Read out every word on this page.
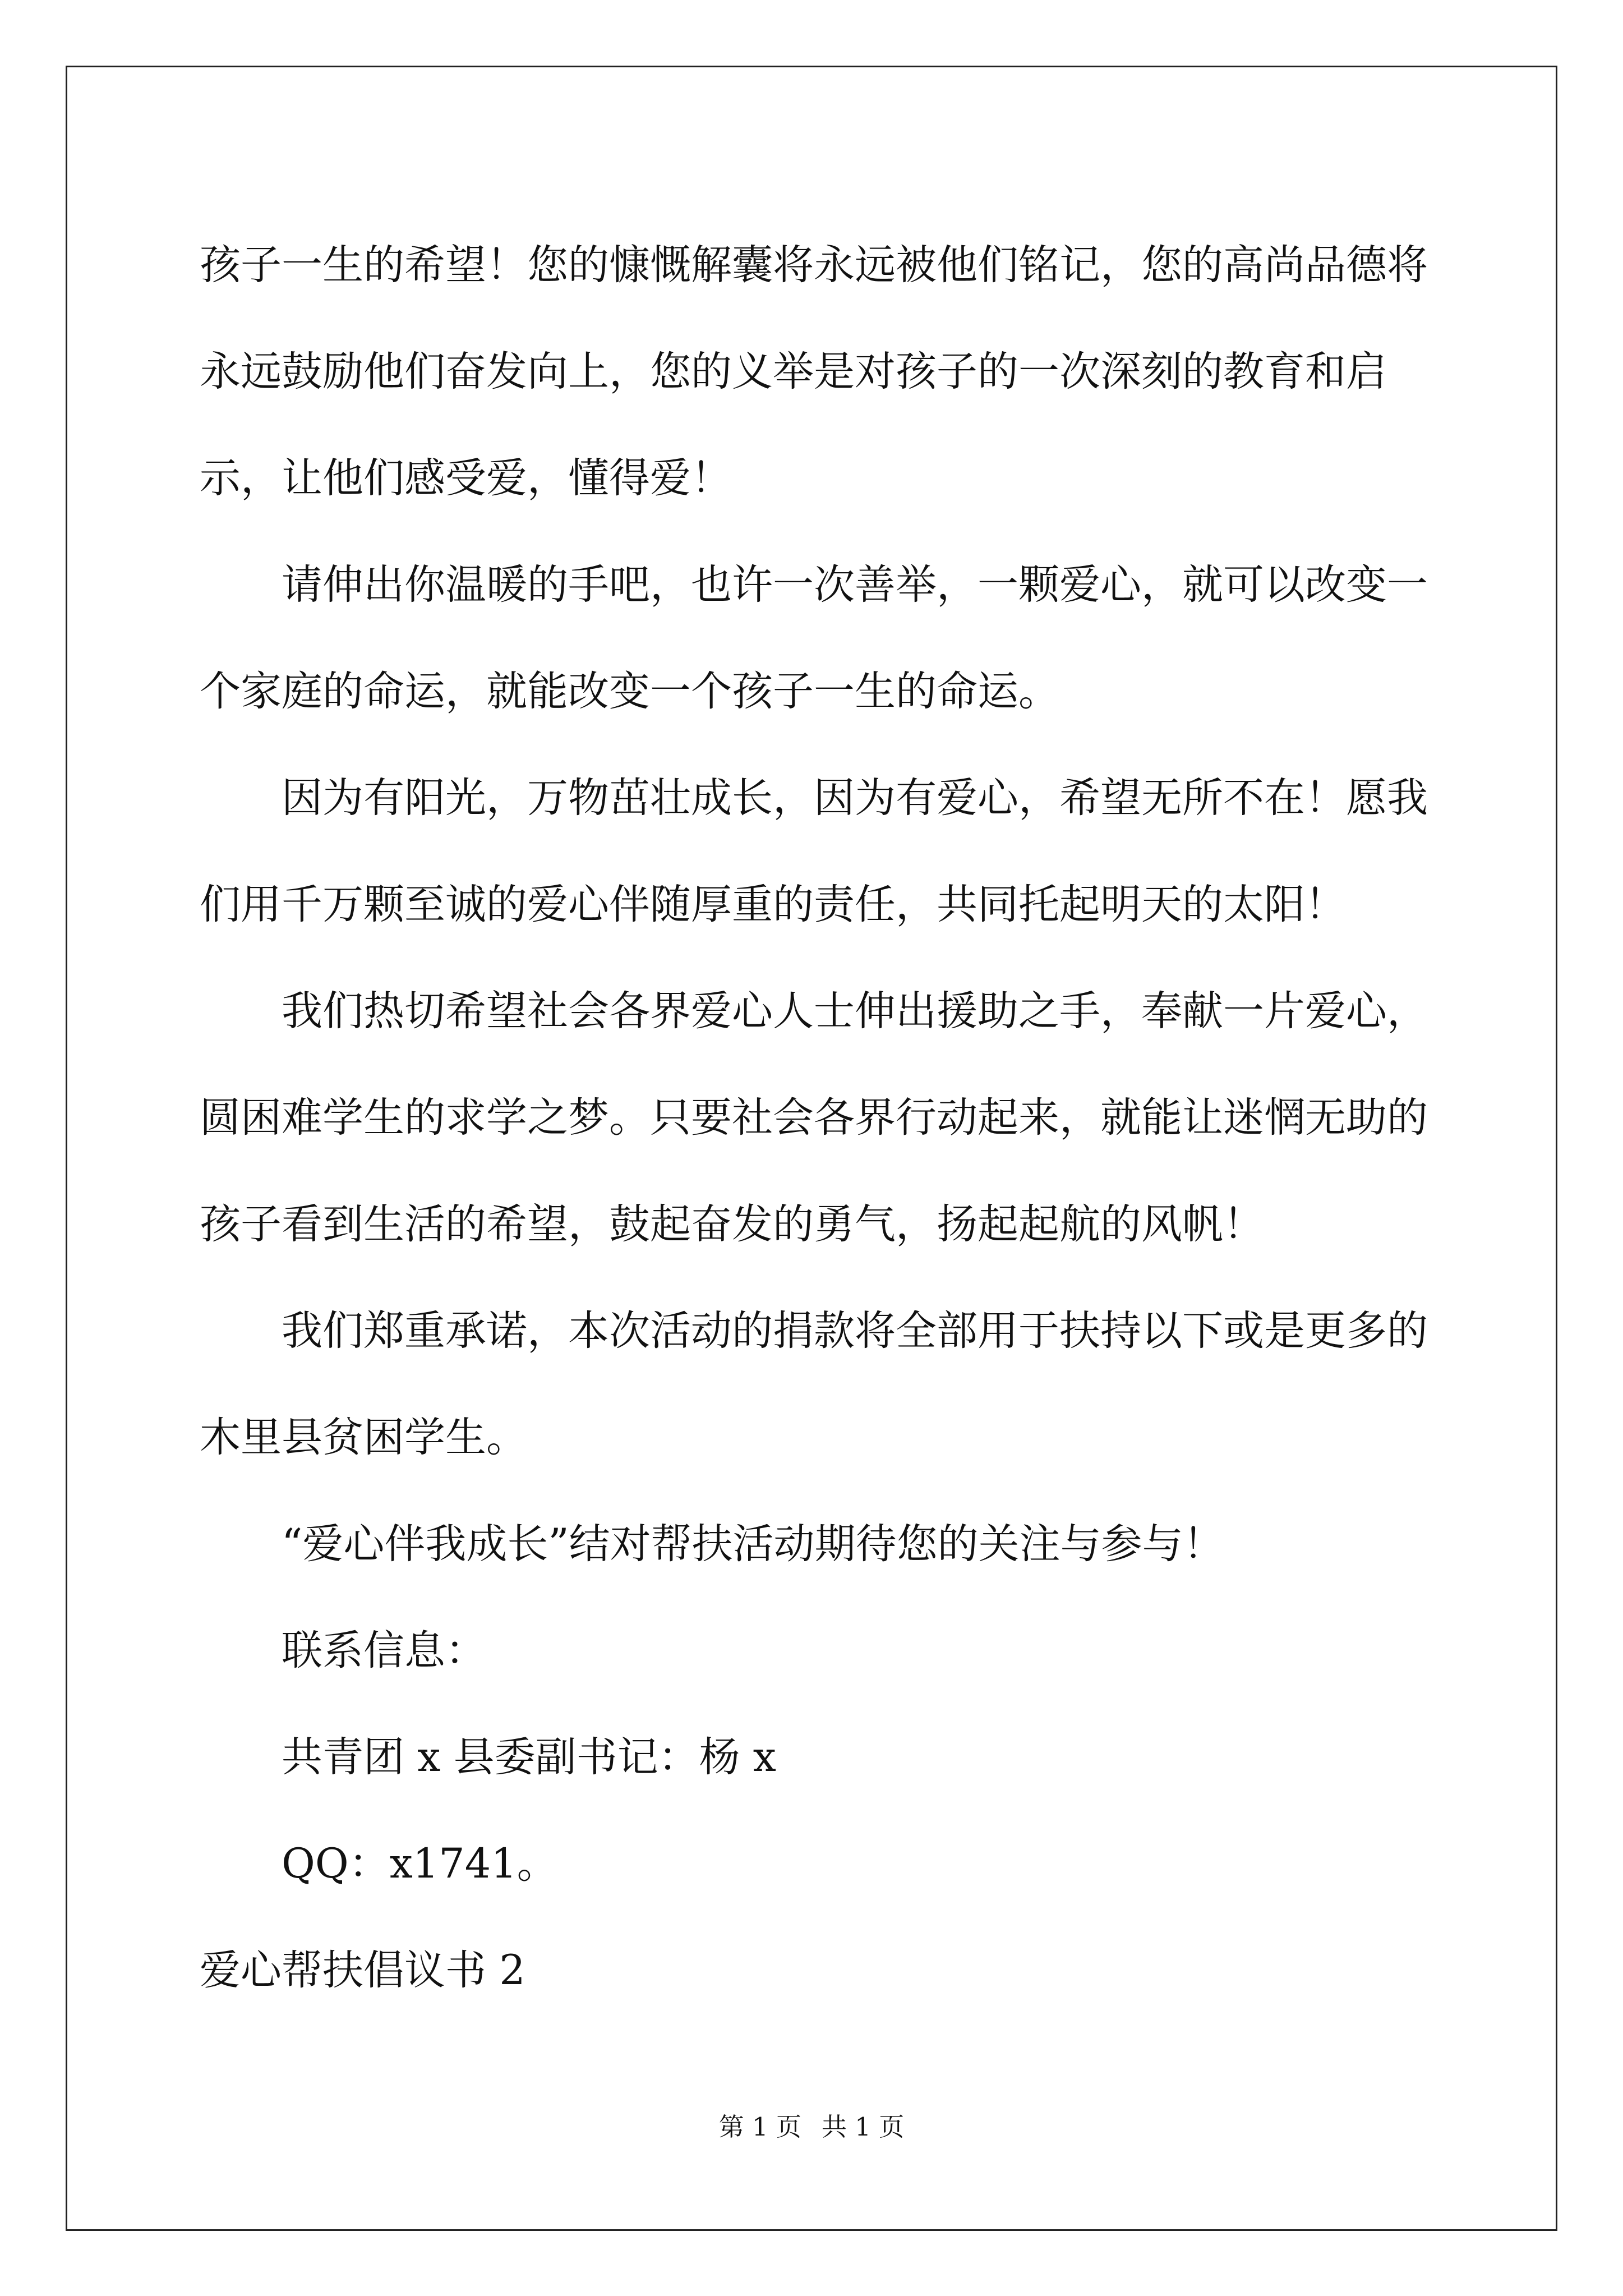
孩子一生的希望！您的慷慨解囊将永远被他们铭记，您的高尚品德将永远鼓励他们奋发向上，您的义举是对孩子的一次深刻的教育和启示，让他们感受爱，懂得爱！

请伸出你温暖的手吧，也许一次善举，一颗爱心，就可以改变一个家庭的命运，就能改变一个孩子一生的命运。

因为有阳光，万物茁壮成长，因为有爱心，希望无所不在！愿我们用千万颗至诚的爱心伴随厚重的责任，共同托起明天的太阳！

我们热切希望社会各界爱心人士伸出援助之手，奉献一片爱心，圆困难学生的求学之梦。只要社会各界行动起来，就能让迷惘无助的孩子看到生活的希望，鼓起奋发的勇气，扬起起航的风帆！

我们郑重承诺，本次活动的捐款将全部用于扶持以下或是更多的木里县贫困学生。

“爱心伴我成长”结对帮扶活动期待您的关注与参与！

联系信息：

共青团 x 县委副书记：杨 x

QQ：x1741。

爱心帮扶倡议书 2

第 1 页 共 1 页
